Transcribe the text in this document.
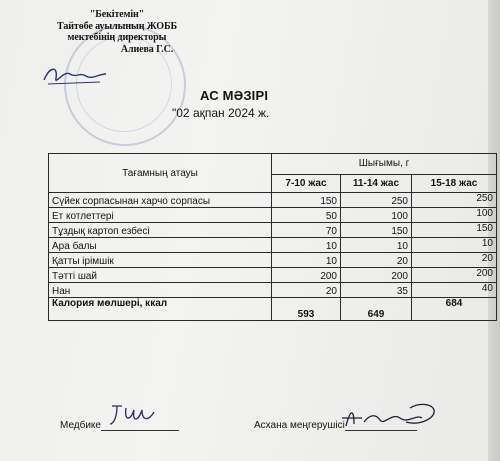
"Бекітемін"
Тайтөбе ауылының ЖОББ
мектебінің директоры
Алиева Г.С.
АС МӘЗІРІ
"02 ақпан 2024 ж.
Тағамның атауы	Шығымы, г		
	7-10 жас	11-14 жас	15-18 жас
Сүйек сорпасынан харчо сорпасы	150	250	250
Ет котлеттері	50	100	100
Тұздық картоп езбесі	70	150	150
Ара балы	10	10	10
Қатты ірімшік	10	20	20
Тәтті шай	200	200	200
Нан	20	35	40
Калория мөлшері, ккал	593	649	684
Медбике	Асхана меңгерушісі
